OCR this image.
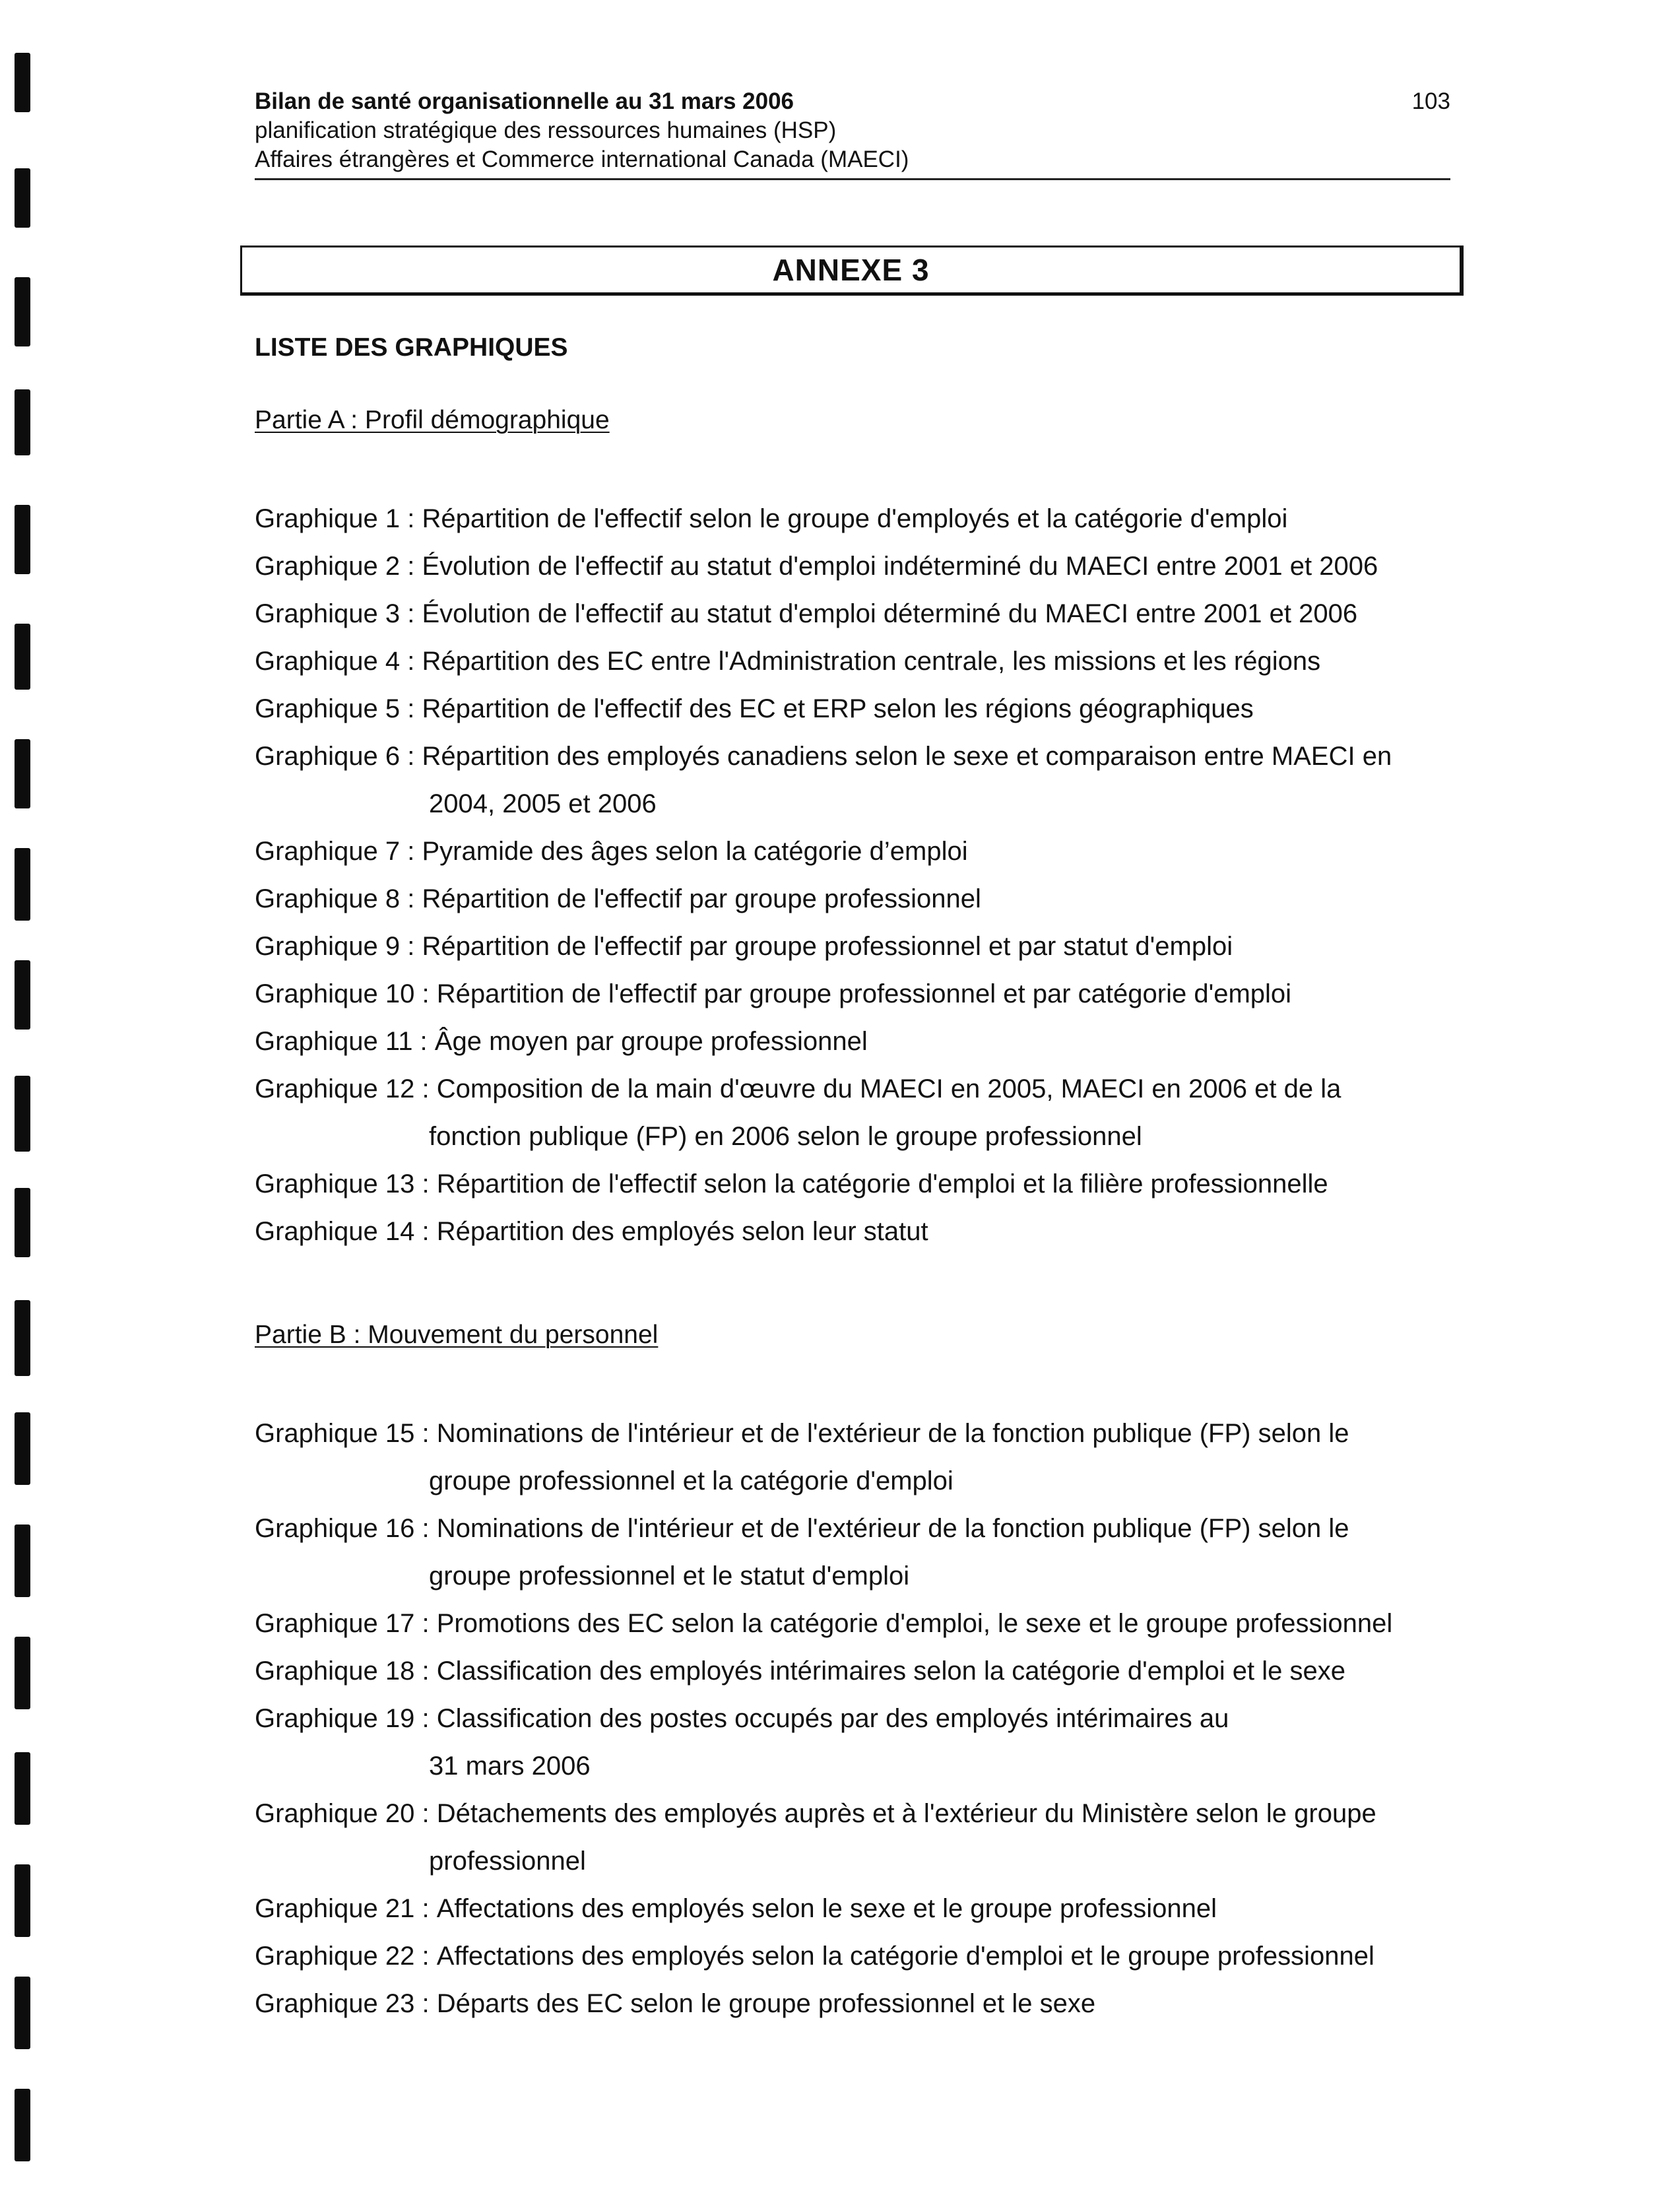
Bilan de santé organisationnelle au 31 mars 2006
planification stratégique des ressources humaines (HSP)
Affaires étrangères et Commerce international Canada (MAECI)
103
ANNEXE 3
LISTE DES GRAPHIQUES
Partie A : Profil démographique
Graphique 1 : Répartition de l'effectif selon le groupe d'employés et la catégorie d'emploi
Graphique 2 : Évolution de l'effectif au statut d'emploi indéterminé du MAECI entre 2001 et 2006
Graphique 3 : Évolution de l'effectif au statut d'emploi déterminé du MAECI entre 2001 et 2006
Graphique 4 : Répartition des EC entre l'Administration centrale, les missions et les régions
Graphique 5 : Répartition de l'effectif des EC et ERP selon les régions géographiques
Graphique 6 : Répartition des employés canadiens selon le sexe et comparaison entre MAECI en
2004, 2005 et 2006
Graphique 7 : Pyramide des âges selon la catégorie d’emploi
Graphique 8 : Répartition de l'effectif par groupe professionnel
Graphique 9 : Répartition de l'effectif par groupe professionnel et par statut d'emploi
Graphique 10 : Répartition de l'effectif par groupe professionnel et par catégorie d'emploi
Graphique 11 : Âge moyen par groupe professionnel
Graphique 12 : Composition de la main d'œuvre du MAECI en 2005, MAECI en 2006 et de la
fonction publique (FP) en 2006 selon le groupe professionnel
Graphique 13 : Répartition de l'effectif selon la catégorie d'emploi et la filière professionnelle
Graphique 14 : Répartition des employés selon leur statut
Partie B : Mouvement du personnel
Graphique 15 : Nominations de l'intérieur et de l'extérieur de la fonction publique (FP) selon le
groupe professionnel et la catégorie d'emploi
Graphique 16 : Nominations de l'intérieur et de l'extérieur de la fonction publique (FP) selon le
groupe professionnel et le statut d'emploi
Graphique 17 : Promotions des EC selon la catégorie d'emploi, le sexe et le groupe professionnel
Graphique 18 : Classification des employés intérimaires selon la catégorie d'emploi et le sexe
Graphique 19 : Classification des postes occupés par des employés intérimaires au
31 mars 2006
Graphique 20 : Détachements des employés auprès et à l'extérieur du Ministère selon le groupe
professionnel
Graphique 21 : Affectations des employés selon le sexe et le groupe professionnel
Graphique 22 : Affectations des employés selon la catégorie d'emploi et le groupe professionnel
Graphique 23 : Départs des EC selon le groupe professionnel et le sexe
